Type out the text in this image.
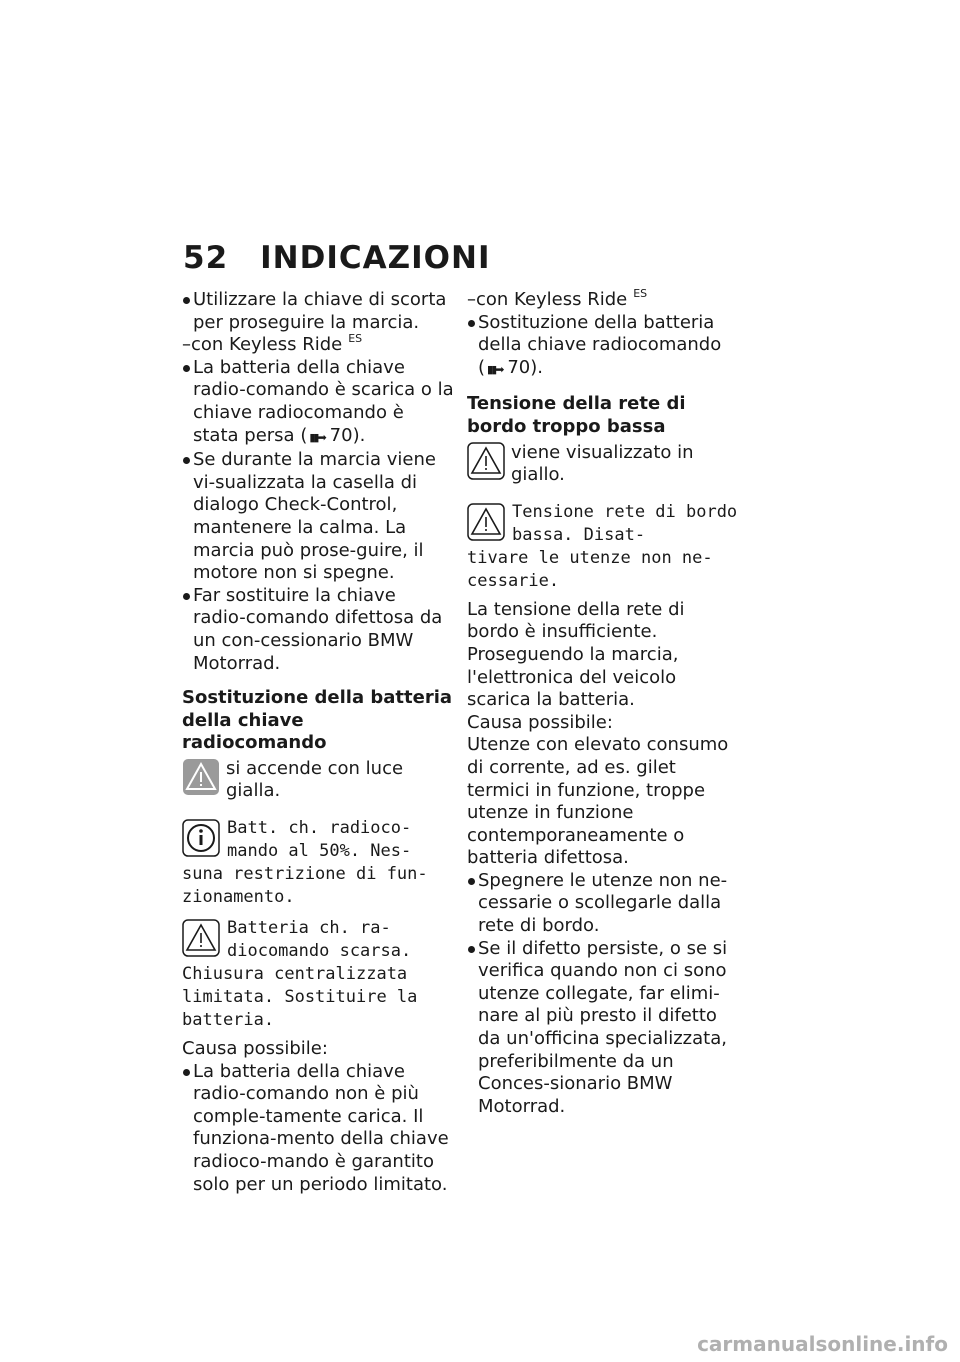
52 INDICAZIONI

Utilizzare la chiave di scorta per proseguire la marcia.

–con Keyless Ride $^{ES}$

La batteria della chiave radio-comando è scarica o la chiave radiocomando è stata persa ( ▮▮➡ 70).

Se durante la marcia viene vi-sualizzata la casella di dialogo Check-Control, mantenere la calma. La marcia può prose-guire, il motore non si spegne.

Far sostituire la chiave radio-comando difettosa da un con-cessionario BMW Motorrad.

Sostituzione della batteria della chiave radiocomando
si accende con luce gialla.
Batt. ch. radioco-mando al 50%. Nes-
suna restrizione di fun-zionamento.
Batteria ch. ra-diocomando scarsa.
Chiusura centralizzata limitata. Sostituire la batteria.

Causa possibile:

La batteria della chiave radio-comando non è più comple-tamente carica. Il funziona-mento della chiave radioco-mando è garantito solo per un periodo limitato.

–con Keyless Ride $^{ES}$

Sostituzione della batteria della chiave radiocomando ( ▮▮➡ 70).

Tensione della rete di bordo troppo bassa
viene visualizzato in giallo.
Tensione rete di bordo bassa. Disat-
tivare le utenze non ne-cessarie.

La tensione della rete di bordo è insufficiente. Proseguendo la marcia, l'elettronica del veicolo scarica la batteria.

Causa possibile:

Utenze con elevato consumo di corrente, ad es. gilet termici in funzione, troppe utenze in funzione contemporaneamente o batteria difettosa.

Spegnere le utenze non ne-cessarie o scollegarle dalla rete di bordo.

Se il difetto persiste, o se si verifica quando non ci sono utenze collegate, far elimi-nare al più presto il difetto da un'officina specializzata, preferibilmente da un Conces-sionario BMW Motorrad.

carmanualsonline.info
